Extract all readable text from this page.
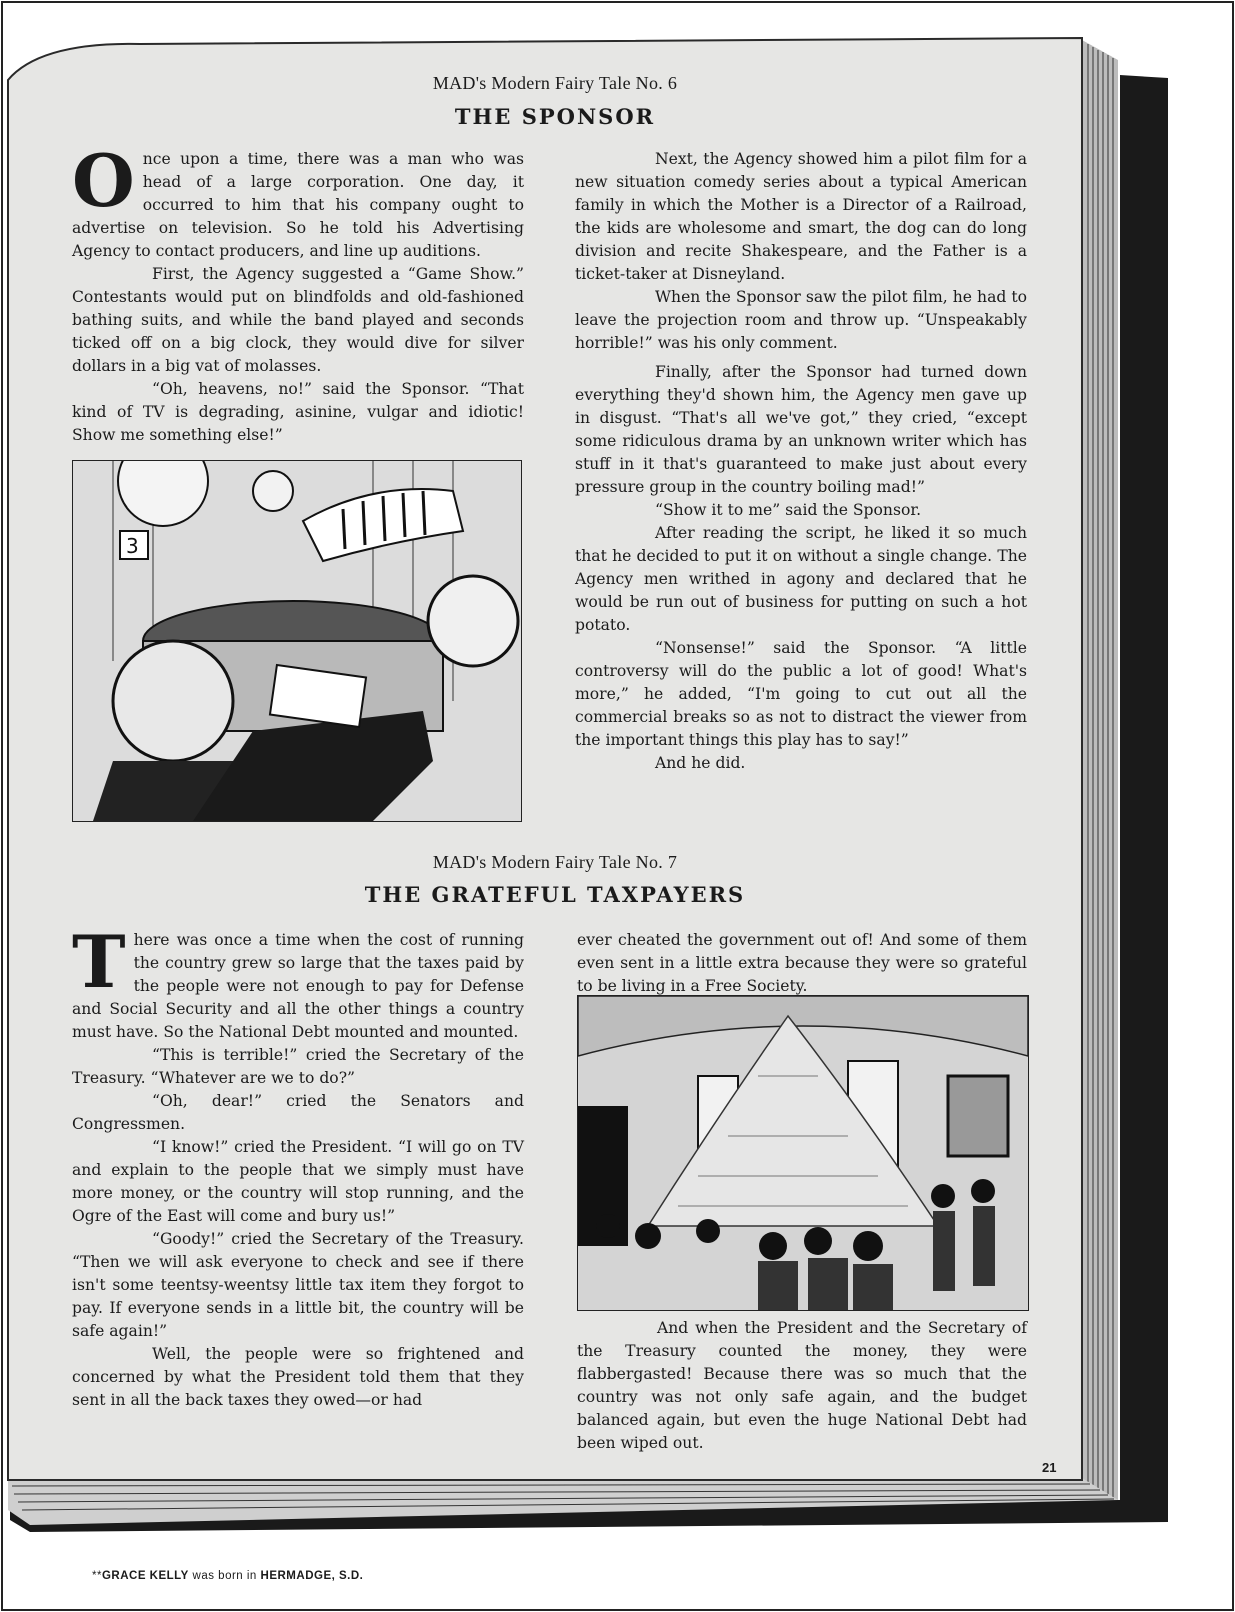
MAD's Modern Fairy Tale No. 6
THE SPONSOR

Once upon a time, there was a man who was head of a large corporation. One day, it occurred to him that his company ought to advertise on television. So he told his Advertising Agency to contact producers, and line up auditions.

First, the Agency suggested a “Game Show.” Contestants would put on blindfolds and old-fashioned bathing suits, and while the band played and seconds ticked off on a big clock, they would dive for silver dollars in a big vat of molasses.

“Oh, heavens, no!” said the Sponsor. “That kind of TV is degrading, asinine, vulgar and idiotic! Show me something else!”

3

Next, the Agency showed him a pilot film for a new situation comedy series about a typical American family in which the Mother is a Director of a Railroad, the kids are wholesome and smart, the dog can do long division and recite Shakespeare, and the Father is a ticket-taker at Disneyland.

When the Sponsor saw the pilot film, he had to leave the projection room and throw up. “Unspeakably horrible!” was his only comment.

Finally, after the Sponsor had turned down everything they'd shown him, the Agency men gave up in disgust. “That's all we've got,” they cried, “except some ridiculous drama by an unknown writer which has stuff in it that's guaranteed to make just about every pressure group in the country boiling mad!”

“Show it to me” said the Sponsor.

After reading the script, he liked it so much that he decided to put it on without a single change. The Agency men writhed in agony and declared that he would be run out of business for putting on such a hot potato.

“Nonsense!” said the Sponsor. “A little controversy will do the public a lot of good! What's more,” he added, “I'm going to cut out all the commercial breaks so as not to distract the viewer from the important things this play has to say!”

And he did.

MAD's Modern Fairy Tale No. 7
THE GRATEFUL TAXPAYERS

There was once a time when the cost of running the country grew so large that the taxes paid by the people were not enough to pay for Defense and Social Security and all the other things a country must have. So the National Debt mounted and mounted.

“This is terrible!” cried the Secretary of the Treasury. “Whatever are we to do?”

“Oh, dear!” cried the Senators and Congressmen.

“I know!” cried the President. “I will go on TV and explain to the people that we simply must have more money, or the country will stop running, and the Ogre of the East will come and bury us!”

“Goody!” cried the Secretary of the Treasury. “Then we will ask everyone to check and see if there isn't some teentsy-weentsy little tax item they forgot to pay. If everyone sends in a little bit, the country will be safe again!”

Well, the people were so frightened and concerned by what the President told them that they sent in all the back taxes they owed—or had

ever cheated the government out of! And some of them even sent in a little extra because they were so grateful to be living in a Free Society.

And when the President and the Secretary of the Treasury counted the money, they were flabbergasted! Because there was so much that the country was not only safe again, and the budget balanced again, but even the huge National Debt had been wiped out.

21
**GRACE KELLY was born in HERMADGE, S.D.
